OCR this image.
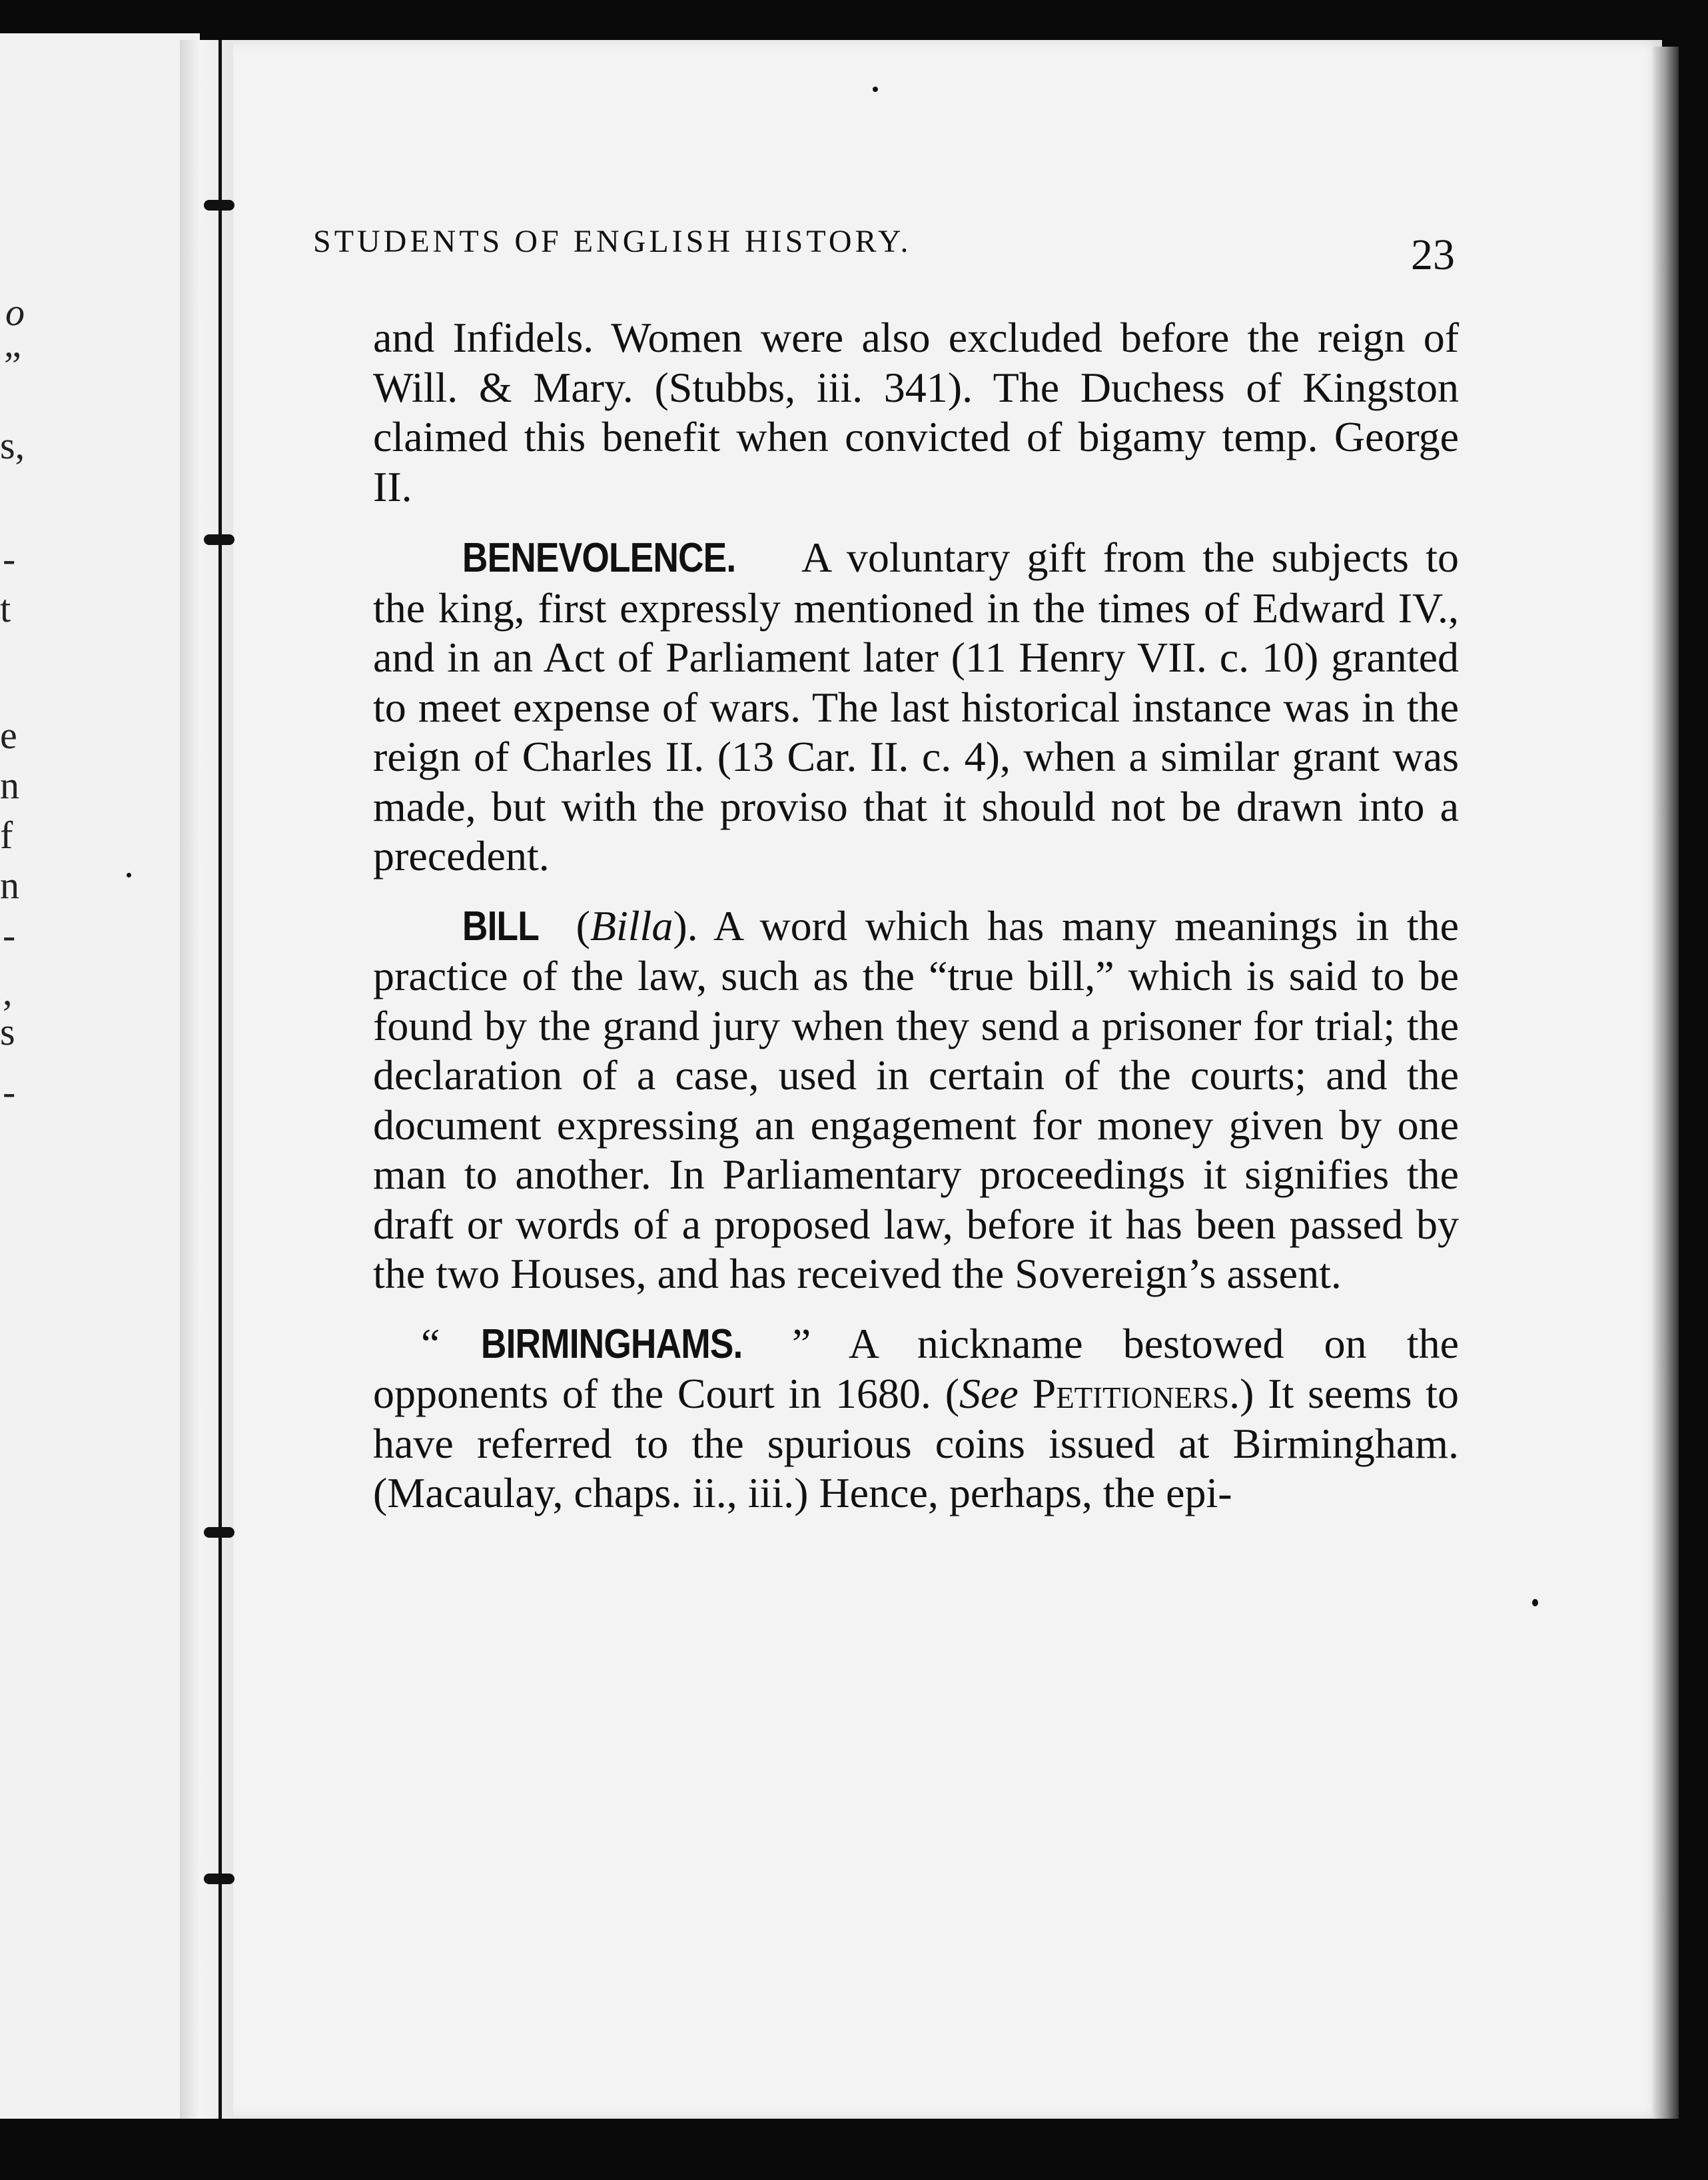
o
”
s,
-
t
e
n
f
n
-
,
s
-
STUDENTS OF ENGLISH HISTORY.	23

and Infidels. Women were also excluded before the reign of Will. & Mary. (Stubbs, iii. 341). The Duchess of Kingston claimed this benefit when convicted of bigamy temp. George II.

BENEVOLENCE. A voluntary gift from the subjects to the king, first expressly mentioned in the times of Edward IV., and in an Act of Parliament later (11 Henry VII. c. 10) granted to meet expense of wars. The last historical instance was in the reign of Charles II. (13 Car. II. c. 4), when a similar grant was made, but with the proviso that it should not be drawn into a precedent.

BILL (Billa). A word which has many meanings in the practice of the law, such as the “true bill,” which is said to be found by the grand jury when they send a prisoner for trial; the declaration of a case, used in certain of the courts; and the document expressing an engagement for money given by one man to another. In Parliamentary proceedings it signifies the draft or words of a proposed law, before it has been passed by the two Houses, and has received the Sovereign’s assent.

“ BIRMINGHAMS. ” A nickname bestowed on the opponents of the Court in 1680. (See Petitioners.) It seems to have referred to the spurious coins issued at Birmingham. (Macaulay, chaps. ii., iii.) Hence, perhaps, the epi-
